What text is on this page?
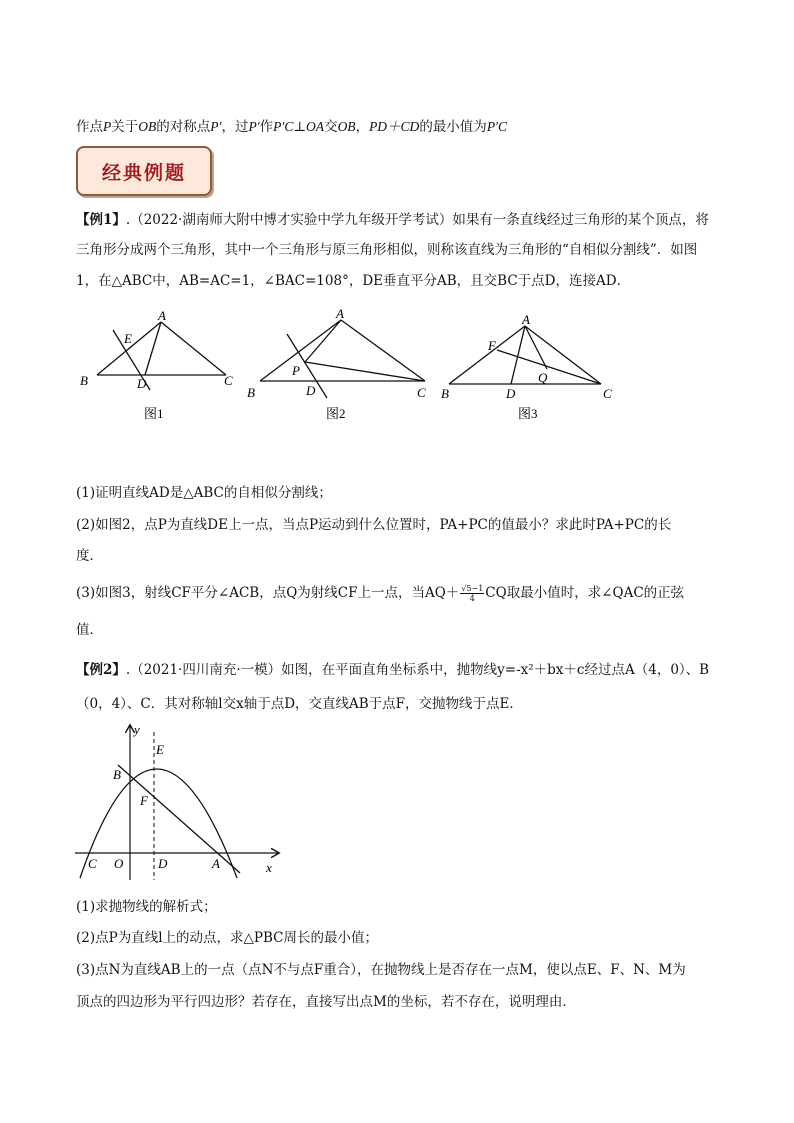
作点P关于OB的对称点P′，过P′作P′C⊥OA交OB，PD＋CD的最小值为P′C
经典例题
【例1】.（2022·湖南师大附中博才实验中学九年级开学考试）如果有一条直线经过三角形的某个顶点，将
三角形分成两个三角形，其中一个三角形与原三角形相似，则称该直线为三角形的“自相似分割线”．如图
1，在△ABC中，AB=AC=1，∠BAC=108°，DE垂直平分AB，且交BC于点D，连接AD．
A
E
B	D	C
图1
A
P
B	D	C
图2
A
F
Q
B	D	C
图3
(1)证明直线AD是△ABC的自相似分割线；
(2)如图2，点P为直线DE上一点，当点P运动到什么位置时，PA+PC的值最小？求此时PA+PC的长
度．
(3)如图3，射线CF平分∠ACB，点Q为射线CF上一点，当$AQ+ \frac{√5-1}{4}$ CQ取最小值时，求∠QAC的正弦
值．
【例2】.（2021·四川南充·一模）如图，在平面直角坐标系中，抛物线y=-x²＋bx＋c经过点A（4，0）、B
（0，4）、C．其对称轴l交x轴于点D，交直线AB于点F，交抛物线于点E．
y
E
B
F
C O	D	A	x
(1)求抛物线的解析式；
(2)点P为直线l上的动点，求△PBC周长的最小值；
(3)点N为直线AB上的一点（点N不与点F重合），在抛物线上是否存在一点M，使以点E、F、N、M为
顶点的四边形为平行四边形？若存在，直接写出点M的坐标，若不存在，说明理由．
